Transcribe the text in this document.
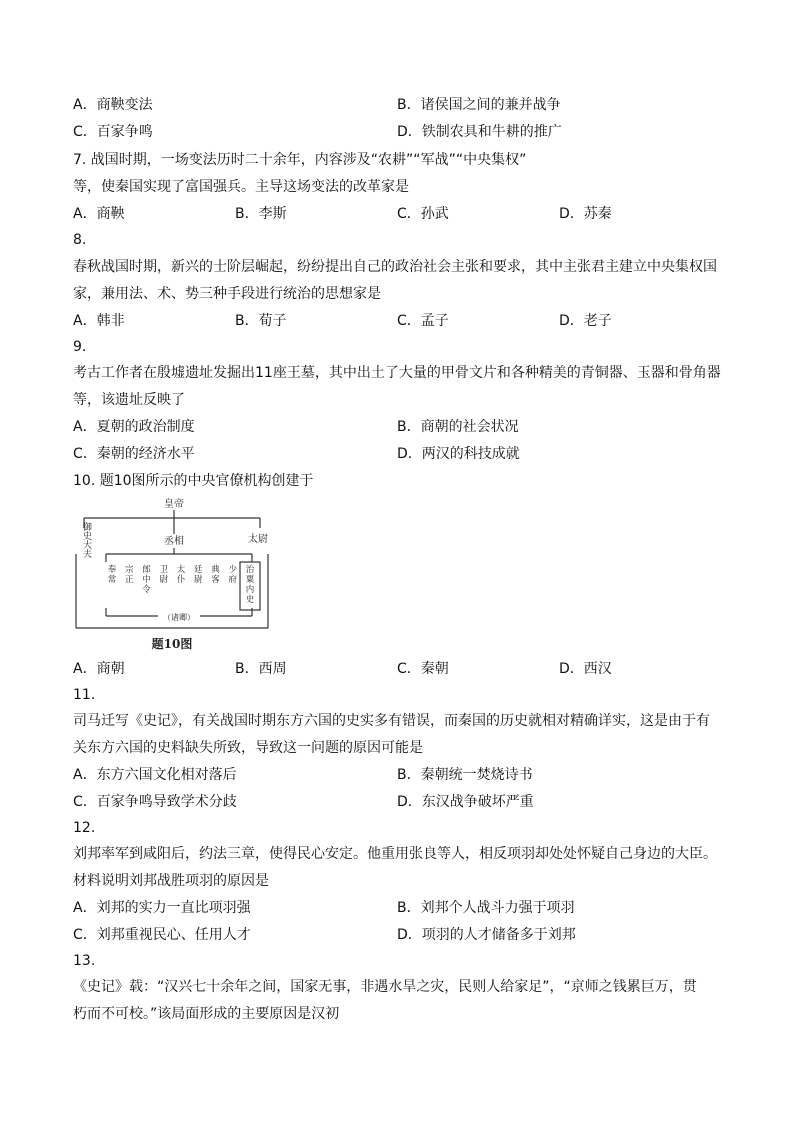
A．商鞅变法	B．诸侯国之间的兼并战争
C．百家争鸣	D．铁制农具和牛耕的推广
7. 战国时期，一场变法历时二十余年，内容涉及“农耕”“军战”“中央集权”
等，使秦国实现了富国强兵。主导这场变法的改革家是
A．商鞅	B．李斯	C．孙武	D．苏秦
8.
春秋战国时期，新兴的士阶层崛起，纷纷提出自己的政治社会主张和要求，其中主张君主建立中央集权国
家，兼用法、术、势三种手段进行统治的思想家是
A．韩非	B．荀子	C．孟子	D．老子
9.
考古工作者在殷墟遗址发掘出11座王墓，其中出土了大量的甲骨文片和各种精美的青铜器、玉器和骨角器
等，该遗址反映了
A．夏朝的政治制度	B．商朝的社会状况
C．秦朝的经济水平	D．两汉的科技成就
10. 题10图所示的中央官僚机构创建于
皇帝
丞相	太尉
御史大夫
奉
常
宗
正
郎
中
令
卫
尉
太
仆
廷
尉
典
客
少
府
治
粟
内
史
（诸卿）
题10图
A．商朝	B．西周	C．秦朝	D．西汉
11.
司马迁写《史记》，有关战国时期东方六国的史实多有错误，而秦国的历史就相对精确详实，这是由于有
关东方六国的史料缺失所致，导致这一问题的原因可能是
A．东方六国文化相对落后	B．秦朝统一焚烧诗书
C．百家争鸣导致学术分歧	D．东汉战争破坏严重
12.
刘邦率军到咸阳后，约法三章，使得民心安定。他重用张良等人，相反项羽却处处怀疑自己身边的大臣。
材料说明刘邦战胜项羽的原因是
A．刘邦的实力一直比项羽强	B．刘邦个人战斗力强于项羽
C．刘邦重视民心、任用人才	D．项羽的人才储备多于刘邦
13.
《史记》载：“汉兴七十余年之间，国家无事，非遇水旱之灾，民则人给家足”，“京师之钱累巨万，贯
朽而不可校。”该局面形成的主要原因是汉初
